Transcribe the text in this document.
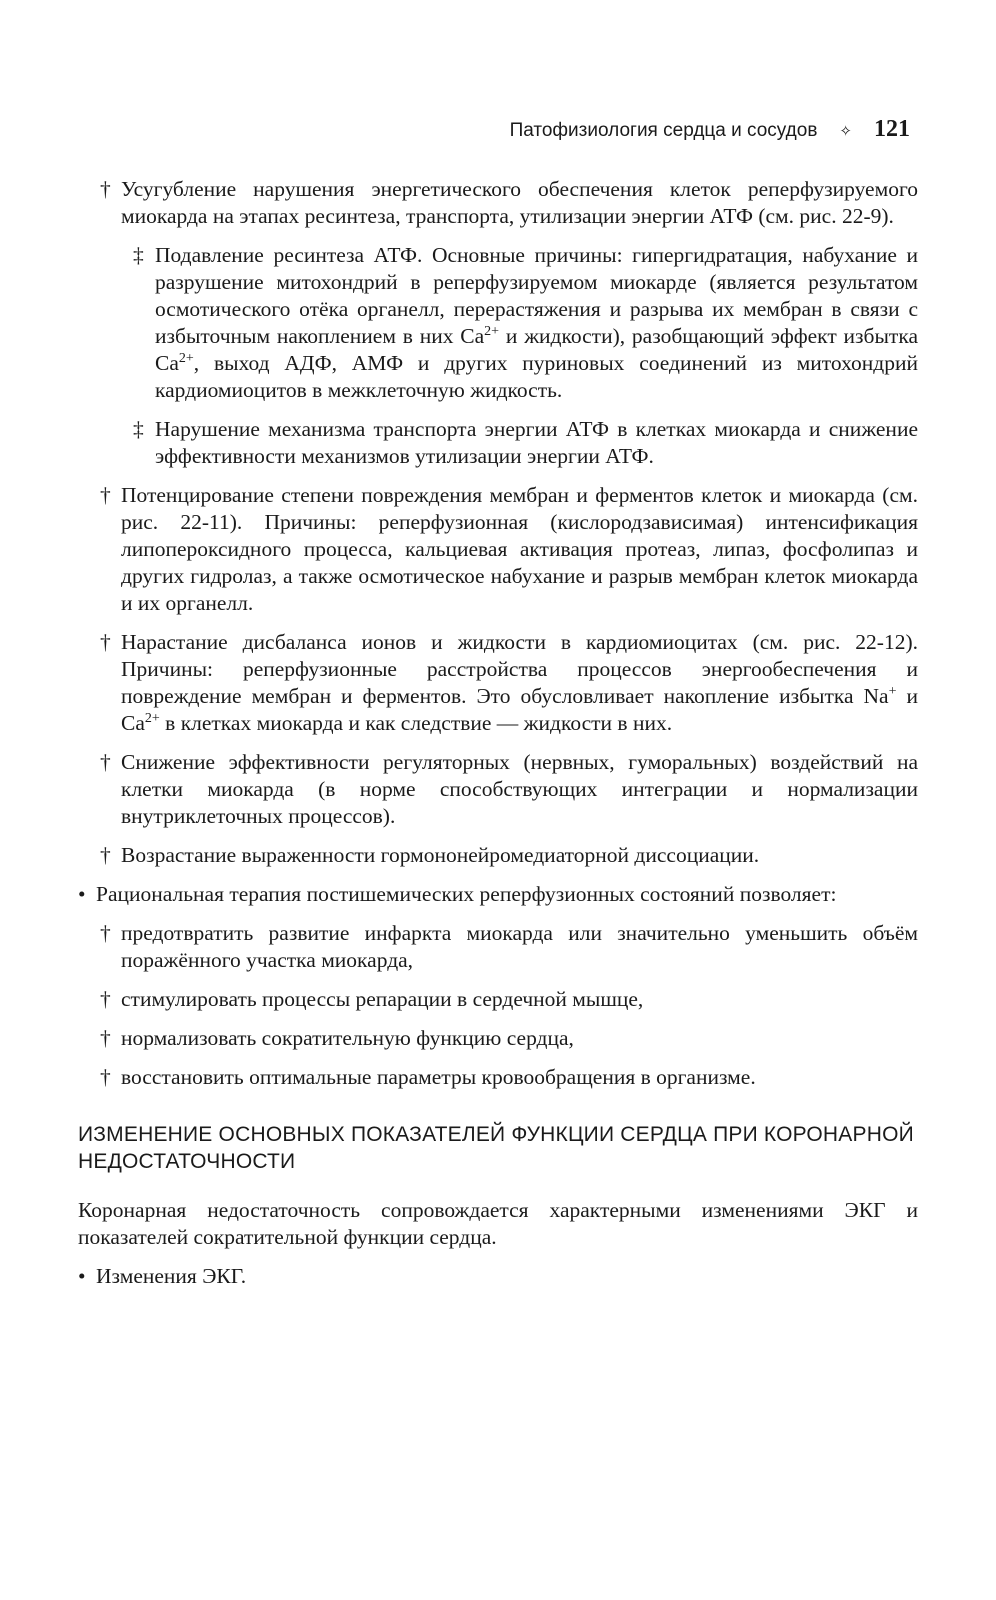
Патофизиология сердца и сосудов ✧ 121
† Усугубление нарушения энергетического обеспечения клеток реперфузируемого миокарда на этапах ресинтеза, транспорта, утилизации энергии АТФ (см. рис. 22-9).

‡ Подавление ресинтеза АТФ. Основные причины: гипергидратация, набухание и разрушение митохондрий в реперфузируемом миокарде (является результатом осмотического отёка органелл, перерастяжения и разрыва их мембран в связи с избыточным накоплением в них $Ca^{2+}$ и жидкости), разобщающий эффект избытка $Ca^{2+}$, выход АДФ, АМФ и других пуриновых соединений из митохондрий кардиомиоцитов в межклеточную жидкость.

‡ Нарушение механизма транспорта энергии АТФ в клетках миокарда и снижение эффективности механизмов утилизации энергии АТФ.

† Потенцирование степени повреждения мембран и ферментов клеток и миокарда (см. рис. 22-11). Причины: реперфузионная (кислородзависимая) интенсификация липопероксидного процесса, кальциевая активация протеаз, липаз, фосфолипаз и других гидролаз, а также осмотическое набухание и разрыв мембран клеток миокарда и их органелл.

† Нарастание дисбаланса ионов и жидкости в кардиомиоцитах (см. рис. 22-12). Причины: реперфузионные расстройства процессов энергообеспечения и повреждение мембран и ферментов. Это обусловливает накопление избытка Na+ и $Ca^{2+}$ в клетках миокарда и как следствие — жидкости в них.

† Снижение эффективности регуляторных (нервных, гуморальных) воздействий на клетки миокарда (в норме способствующих интеграции и нормализации внутриклеточных процессов).

† Возрастание выраженности гормононейромедиаторной диссоциации.

• Рациональная терапия постишемических реперфузионных состояний позволяет:

† предотвратить развитие инфаркта миокарда или значительно уменьшить объём поражённого участка миокарда,

† стимулировать процессы репарации в сердечной мышце,

† нормализовать сократительную функцию сердца,

† восстановить оптимальные параметры кровообращения в организме.

ИЗМЕНЕНИЕ ОСНОВНЫХ ПОКАЗАТЕЛЕЙ ФУНКЦИИ СЕРДЦА ПРИ КОРОНАРНОЙ НЕДОСТАТОЧНОСТИ

Коронарная недостаточность сопровождается характерными изменениями ЭКГ и показателей сократительной функции сердца.

• Изменения ЭКГ.
